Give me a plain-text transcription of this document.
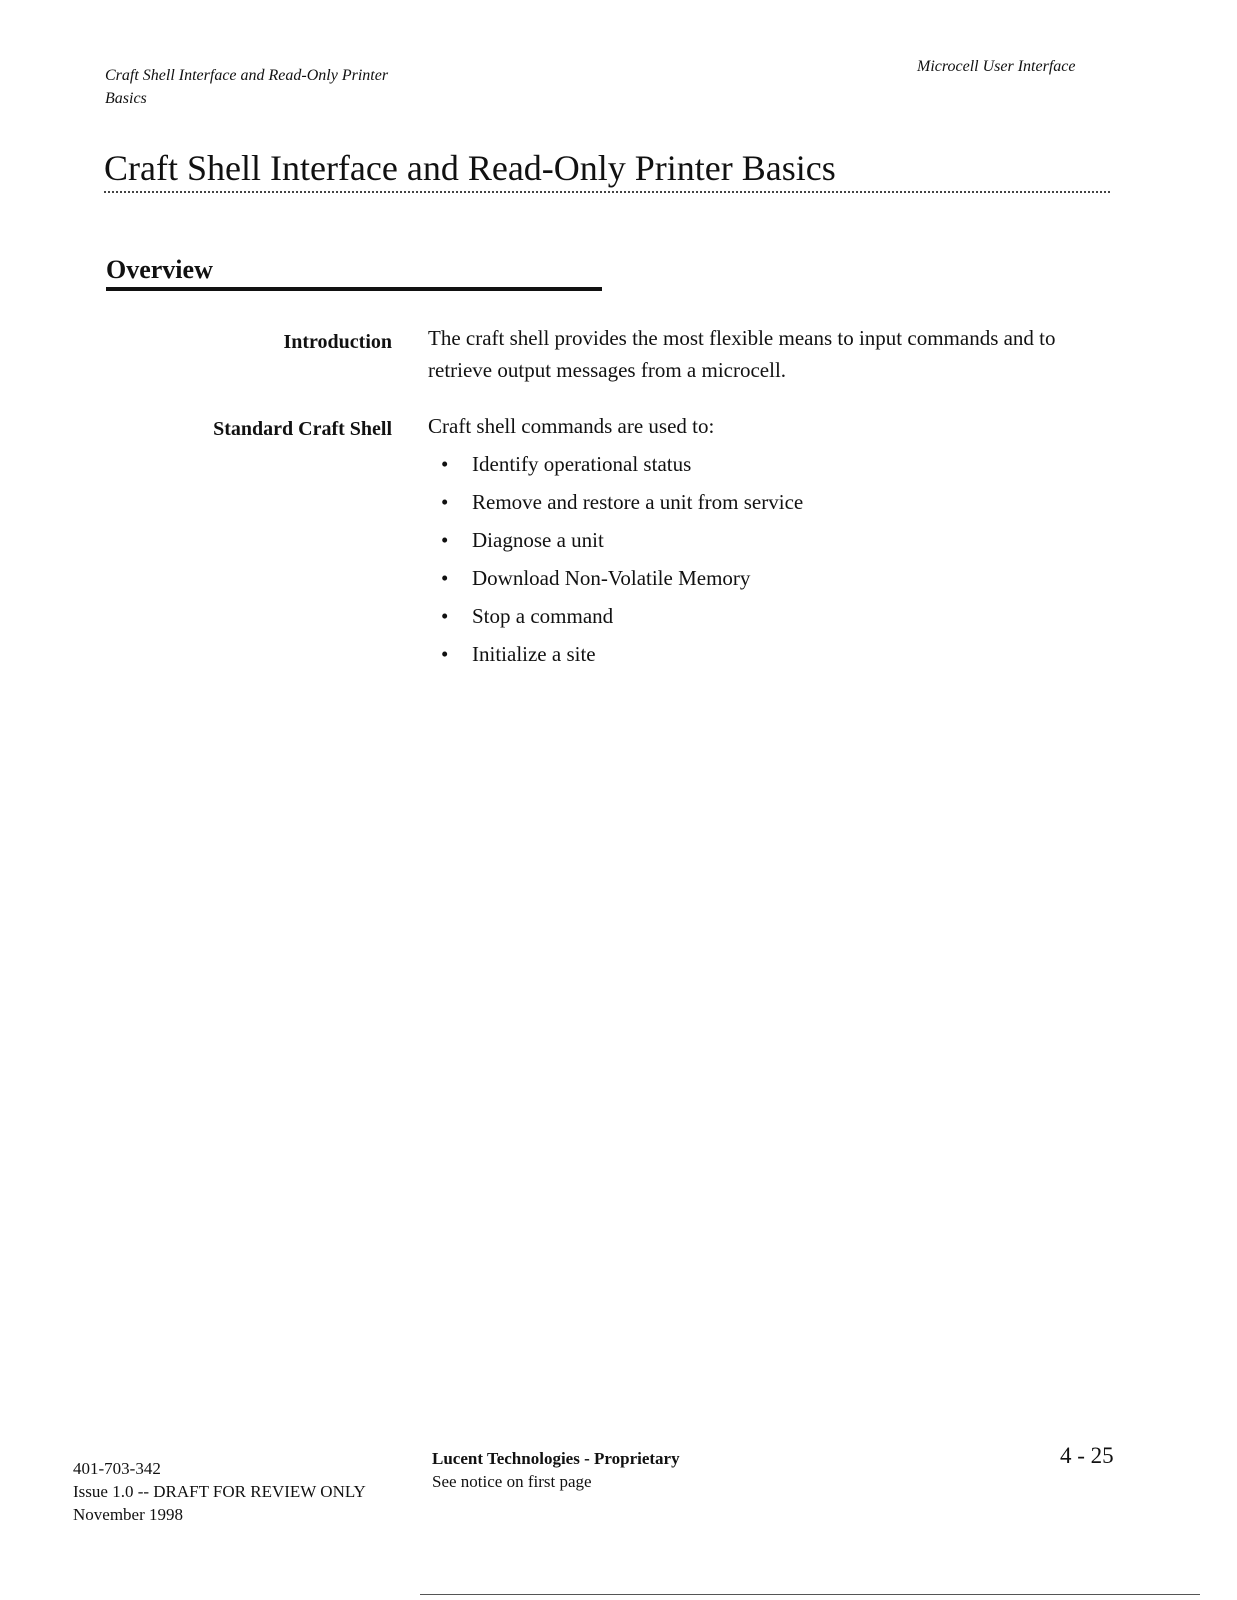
Craft Shell Interface and Read-Only Printer
Basics
Microcell User Interface
Craft Shell Interface and Read-Only Printer Basics
Overview
Introduction The craft shell provides the most flexible means to input commands and to retrieve output messages from a microcell.
Standard Craft Shell Craft shell commands are used to:
• Identify operational status
• Remove and restore a unit from service
• Diagnose a unit
• Download Non-Volatile Memory
• Stop a command
• Initialize a site
401-703-342
Issue 1.0 -- DRAFT FOR REVIEW ONLY
November 1998
Lucent Technologies - Proprietary
See notice on first page
4 - 25
